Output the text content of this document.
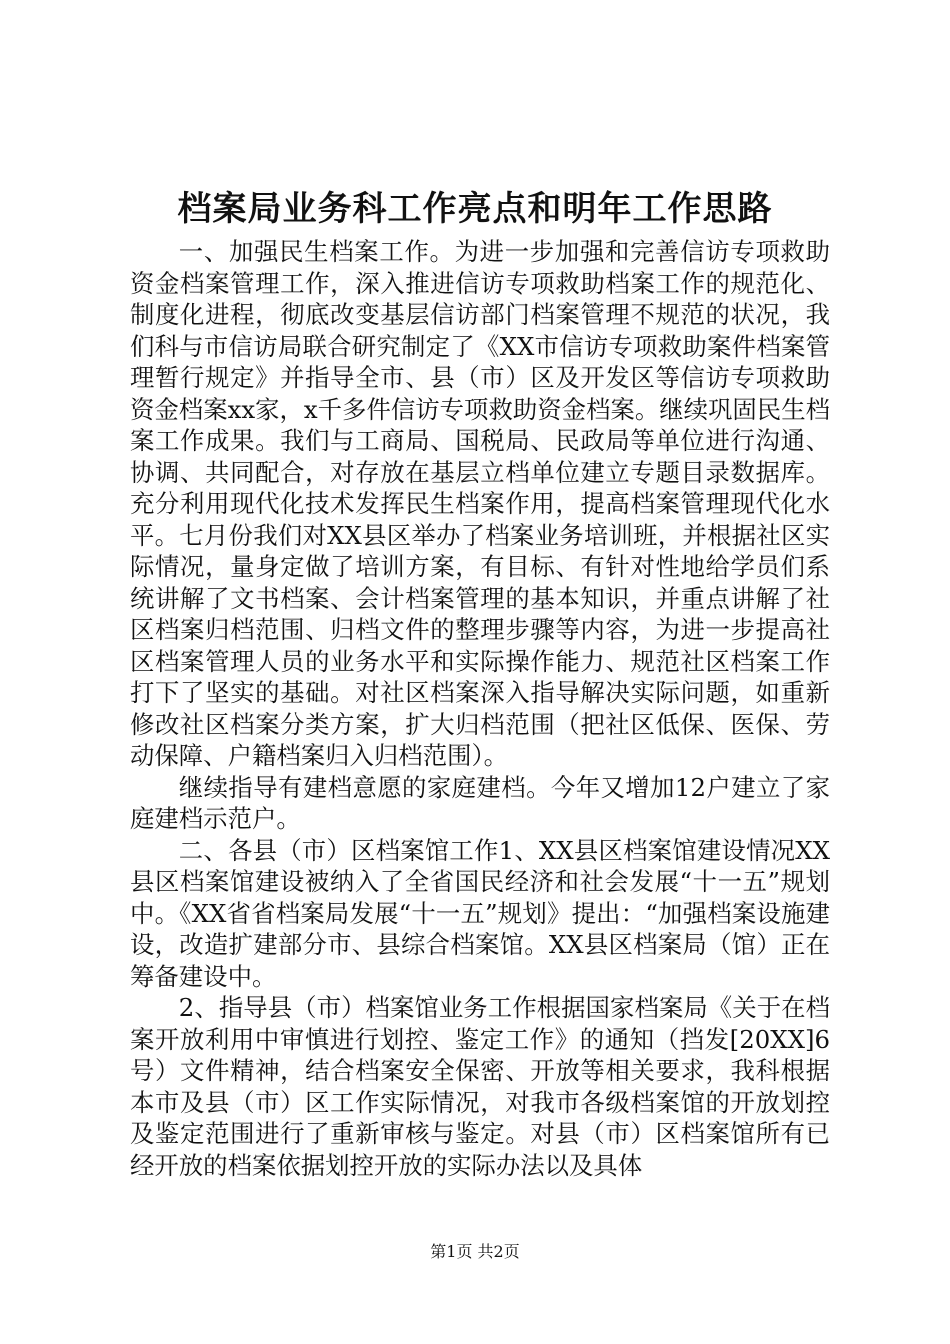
档案局业务科工作亮点和明年工作思路

一、加强民生档案工作。为进一步加强和完善信访专项救助资金档案管理工作，深入推进信访专项救助档案工作的规范化、制度化进程，彻底改变基层信访部门档案管理不规范的状况，我们科与市信访局联合研究制定了《XX市信访专项救助案件档案管理暂行规定》并指导全市、县（市）区及开发区等信访专项救助资金档案xx家，x千多件信访专项救助资金档案。继续巩固民生档案工作成果。我们与工商局、国税局、民政局等单位进行沟通、协调、共同配合，对存放在基层立档单位建立专题目录数据库。充分利用现代化技术发挥民生档案作用，提高档案管理现代化水平。七月份我们对XX县区举办了档案业务培训班，并根据社区实际情况，量身定做了培训方案，有目标、有针对性地给学员们系统讲解了文书档案、会计档案管理的基本知识，并重点讲解了社区档案归档范围、归档文件的整理步骤等内容，为进一步提高社区档案管理人员的业务水平和实际操作能力、规范社区档案工作打下了坚实的基础。对社区档案深入指导解决实际问题，如重新修改社区档案分类方案，扩大归档范围（把社区低保、医保、劳动保障、户籍档案归入归档范围）。

继续指导有建档意愿的家庭建档。今年又增加12户建立了家庭建档示范户。

二、各县（市）区档案馆工作1、XX县区档案馆建设情况XX县区档案馆建设被纳入了全省国民经济和社会发展“十一五”规划中。《XX省省档案局发展“十一五”规划》提出：“加强档案设施建设，改造扩建部分市、县综合档案馆。XX县区档案局（馆）正在筹备建设中。

2、指导县（市）档案馆业务工作根据国家档案局《关于在档案开放利用中审慎进行划控、鉴定工作》的通知（挡发[20XX]6号）文件精神，结合档案安全保密、开放等相关要求，我科根据本市及县（市）区工作实际情况，对我市各级档案馆的开放划控及鉴定范围进行了重新审核与鉴定。对县（市）区档案馆所有已经开放的档案依据划控开放的实际办法以及具体

第1页 共2页
